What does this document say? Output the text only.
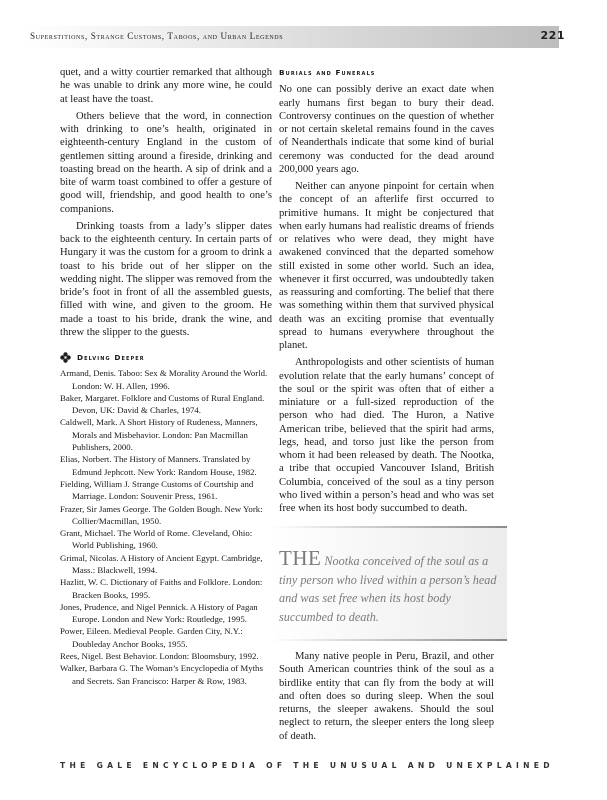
Superstitions, Strange Customs, Taboos, and Urban Legends	221

quet, and a witty courtier remarked that although he was unable to drink any more wine, he could at least have the toast.

Others believe that the word, in connection with drinking to one’s health, originated in eighteenth-century England in the custom of gentlemen sitting around a fireside, drinking and toasting bread on the hearth. A sip of drink and a bite of warm toast combined to offer a gesture of good will, friendship, and good health to one’s companions.

Drinking toasts from a lady’s slipper dates back to the eighteenth century. In certain parts of Hungary it was the custom for a groom to drink a toast to his bride out of her slipper on the wedding night. The slipper was removed from the bride’s foot in front of all the assembled guests, filled with wine, and given to the groom. He made a toast to his bride, drank the wine, and threw the slipper to the guests.

Delving Deeper

Armand, Denis. Taboo: Sex & Morality Around the World. London: W. H. Allen, 1996.

Baker, Margaret. Folklore and Customs of Rural England. Devon, UK: David & Charles, 1974.

Caldwell, Mark. A Short History of Rudeness, Manners, Morals and Misbehavior. London: Pan Macmillan Publishers, 2000.

Elias, Norbert. The History of Manners. Translated by Edmund Jephcott. New York: Random House, 1982.

Fielding, William J. Strange Customs of Courtship and Marriage. London: Souvenir Press, 1961.

Frazer, Sir James George. The Golden Bough. New York: Collier/Macmillan, 1950.

Grant, Michael. The World of Rome. Cleveland, Ohio: World Publishing, 1960.

Grimal, Nicolas. A History of Ancient Egypt. Cambridge, Mass.: Blackwell, 1994.

Hazlitt, W. C. Dictionary of Faiths and Folklore. London: Bracken Books, 1995.

Jones, Prudence, and Nigel Pennick. A History of Pagan Europe. London and New York: Routledge, 1995.

Power, Eileen. Medieval People. Garden City, N.Y.: Doubleday Anchor Books, 1955.

Rees, Nigel. Best Behavior. London: Bloomsbury, 1992.

Walker, Barbara G. The Woman’s Encyclopedia of Myths and Secrets. San Francisco: Harper & Row, 1983.

Burials and Funerals

No one can possibly derive an exact date when early humans first began to bury their dead. Controversy continues on the question of whether or not certain skeletal remains found in the caves of Neanderthals indicate that some kind of burial ceremony was conducted for the dead around 200,000 years ago.

Neither can anyone pinpoint for certain when the concept of an afterlife first occurred to primitive humans. It might be conjectured that when early humans had realistic dreams of friends or relatives who were dead, they might have awakened convinced that the departed somehow still existed in some other world. Such an idea, whenever it first occurred, was undoubtedly taken as reassuring and comforting. The belief that there was something within them that survived physical death was an exciting promise that eventually spread to humans everywhere throughout the planet.

Anthropologists and other scientists of human evolution relate that the early humans’ concept of the soul or the spirit was often that of either a miniature or a full-sized reproduction of the person who had died. The Huron, a Native American tribe, believed that the spirit had arms, legs, head, and torso just like the person from whom it had been released by death. The Nootka, a tribe that occupied Vancouver Island, British Columbia, conceived of the soul as a tiny person who lived within a person’s head and who was set free when its host body succumbed to death.

THE Nootka conceived of the soul as a tiny person who lived within a person’s head and was set free when its host body succumbed to death.

Many native people in Peru, Brazil, and other South American countries think of the soul as a birdlike entity that can fly from the body at will and often does so during sleep. When the soul returns, the sleeper awakens. Should the soul neglect to return, the sleeper enters the long sleep of death.

THE GALE ENCYCLOPEDIA OF THE UNUSUAL AND UNEXPLAINED
